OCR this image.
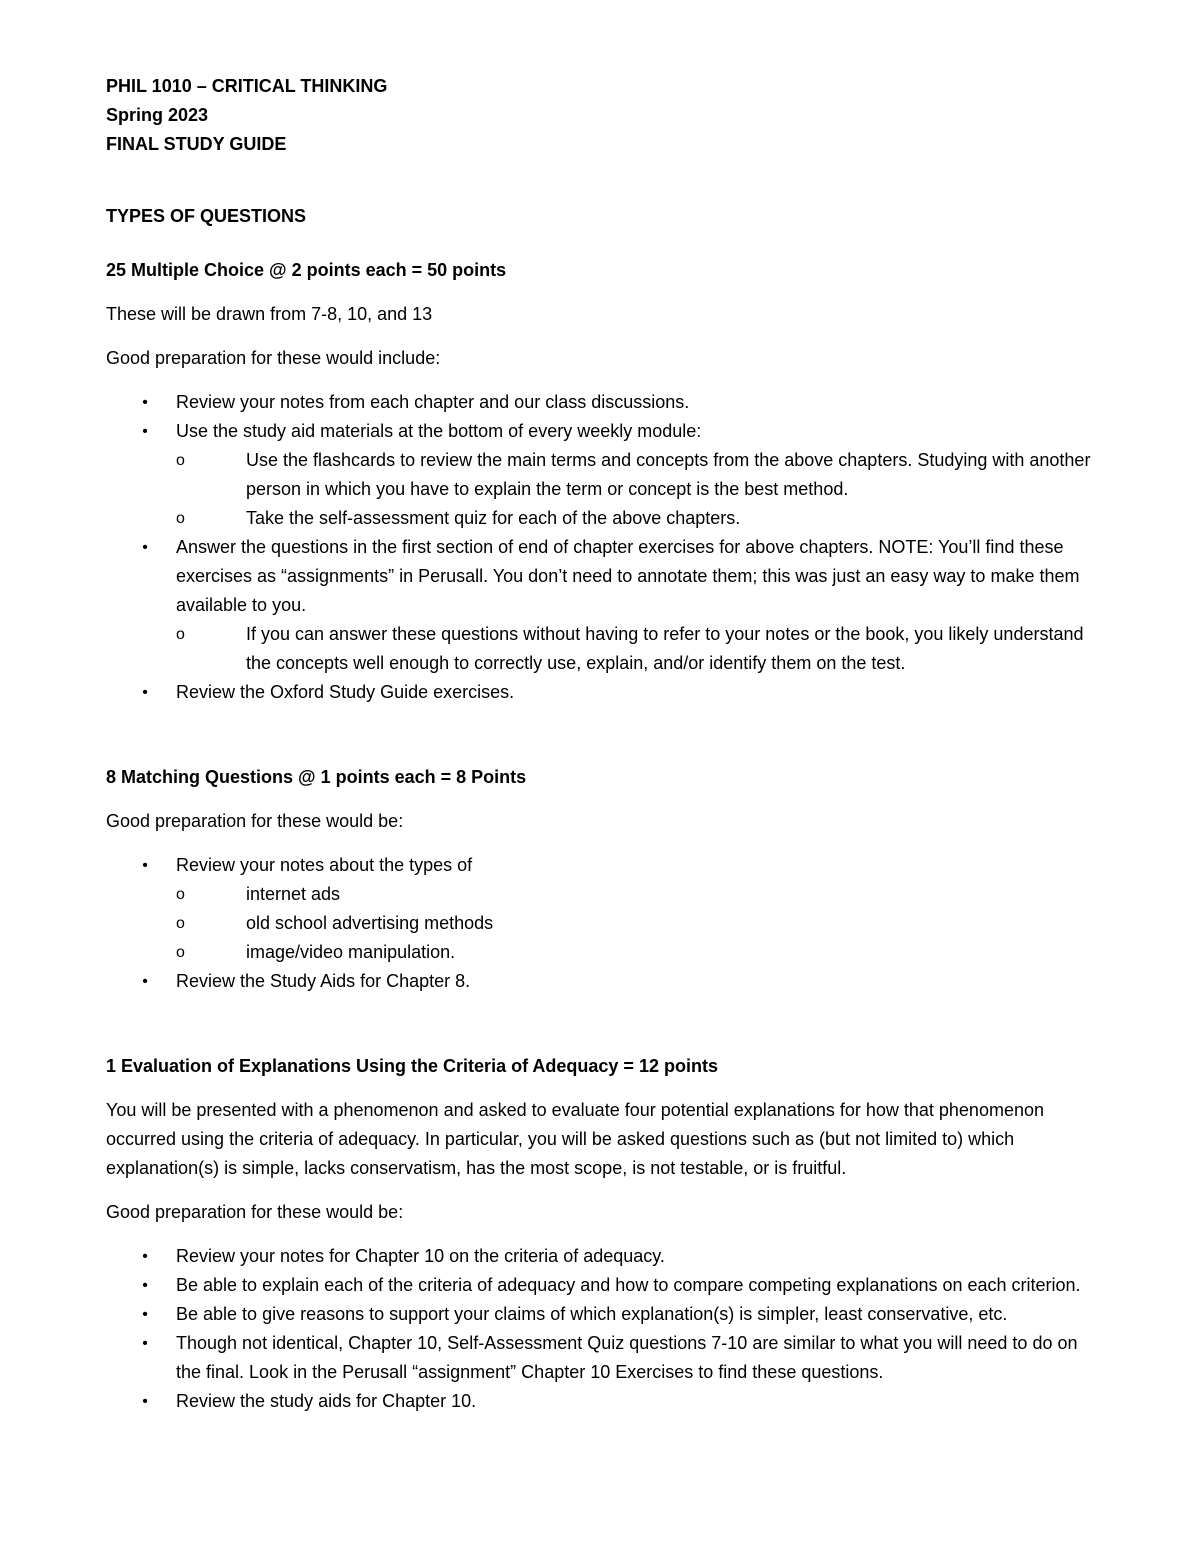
PHIL 1010 – CRITICAL THINKING

Spring 2023

FINAL STUDY GUIDE

TYPES OF QUESTIONS

25 Multiple Choice @ 2 points each = 50 points

These will be drawn from 7-8, 10, and 13

Good preparation for these would include:

• Review your notes from each chapter and our class discussions.
• Use the study aid materials at the bottom of every weekly module:
o	Use the flashcards to review the main terms and concepts from the above chapters. Studying with another person in which you have to explain the term or concept is the best method.
o	Take the self-assessment quiz for each of the above chapters.
• Answer the questions in the first section of end of chapter exercises for above chapters. NOTE: You’ll find these exercises as “assignments” in Perusall. You don’t need to annotate them; this was just an easy way to make them available to you.
o	If you can answer these questions without having to refer to your notes or the book, you likely understand the concepts well enough to correctly use, explain, and/or identify them on the test.
• Review the Oxford Study Guide exercises.

8 Matching Questions @ 1 points each = 8 Points

Good preparation for these would be:

• Review your notes about the types of
o	internet ads
o	old school advertising methods
o	image/video manipulation.
• Review the Study Aids for Chapter 8.

1 Evaluation of Explanations Using the Criteria of Adequacy = 12 points

You will be presented with a phenomenon and asked to evaluate four potential explanations for how that phenomenon occurred using the criteria of adequacy. In particular, you will be asked questions such as (but not limited to) which explanation(s) is simple, lacks conservatism, has the most scope, is not testable, or is fruitful.

Good preparation for these would be:

• Review your notes for Chapter 10 on the criteria of adequacy.
• Be able to explain each of the criteria of adequacy and how to compare competing explanations on each criterion.
• Be able to give reasons to support your claims of which explanation(s) is simpler, least conservative, etc.
• Though not identical, Chapter 10, Self-Assessment Quiz questions 7-10 are similar to what you will need to do on the final. Look in the Perusall “assignment” Chapter 10 Exercises to find these questions.
• Review the study aids for Chapter 10.
